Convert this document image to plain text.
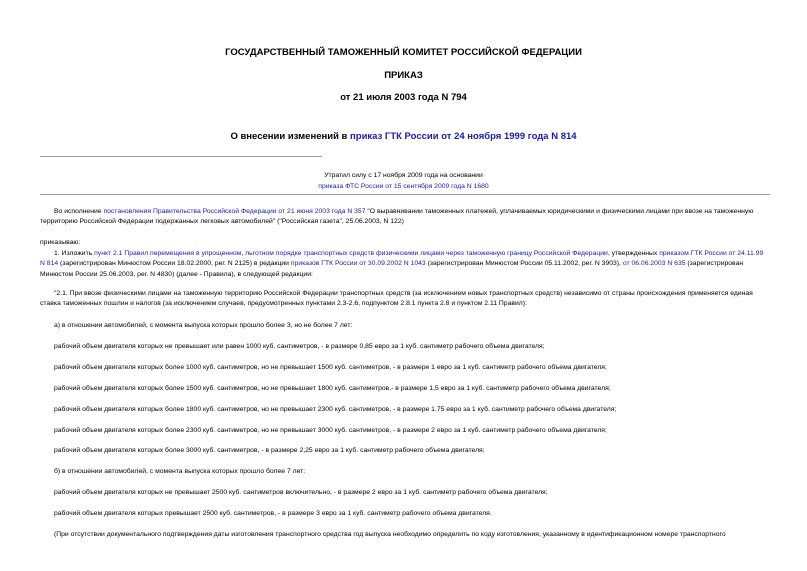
ГОСУДАРСТВЕННЫЙ ТАМОЖЕННЫЙ КОМИТЕТ РОССИЙСКОЙ ФЕДЕРАЦИИ
ПРИКАЗ
от 21 июля 2003 года N 794
О внесении изменений в приказ ГТК России от 24 ноября 1999 года N 814
Утратил силу с 17 ноября 2009 года на основании
приказа ФТС России от 15 сентября 2009 года N 1680
Во исполнение постановления Правительства Российской Федерации от 21 июня 2003 года N 357 "О выравнивании таможенных платежей, уплачиваемых юридическими и физическими лицами при ввозе на таможенную территорию Российской Федерации подержанных легковых автомобилей" ("Российская газета", 25.06.2003, N 122)
приказываю:
1. Изложить пункт 2.1 Правил перемещения в упрощенном, льготном порядке транспортных средств физическими лицами через таможенную границу Российской Федерации, утвержденных приказом ГТК России от 24.11.99 N 814 (зарегистрирован Минюстом России 18.02.2000, рег. N 2125) в редакции приказов ГТК России от 30.09.2002 N 1043 (зарегистрирован Минюстом России 05.11.2002, рег. N 3903), от 06.06.2003 N 635 (зарегистрирован Минюстом России 25.06.2003, рег. N 4830) (далее - Правила), в следующей редакции:
"2.1. При ввозе физическими лицами на таможенную территорию Российской Федерации транспортных средств (за исключением новых транспортных средств) независимо от страны происхождения применяется единая ставка таможенных пошлин и налогов (за исключением случаев, предусмотренных пунктами 2.3-2.6, подпунктом 2.8.1 пункта 2.8 и пунктом 2.11 Правил):
а) в отношении автомобилей, с момента выпуска которых прошло более 3, но не более 7 лет:
рабочий объем двигателя которых не превышает или равен 1000 куб. сантиметров, - в размере 0,85 евро за 1 куб. сантиметр рабочего объема двигателя;
рабочий объем двигателя которых более 1000 куб. сантиметров, но не превышает 1500 куб. сантиметров, - в размере 1 евро за 1 куб. сантиметр рабочего объема двигателя;
рабочий объем двигателя которых более 1500 куб. сантиметров, но не превышает 1800 куб. сантиметров,- в размере 1,5 евро за 1 куб. сантиметр рабочего объема двигателя;
рабочий объем двигателя которых более 1800 куб. сантиметров, но не превышает 2300 куб. сантиметров, - в размере 1,75 евро за 1 куб. сантиметр рабочего объема двигателя;
рабочий объем двигателя которых более 2300 куб. сантиметров, но не превышает 3000 куб. сантиметров, - в размере 2 евро за 1 куб. сантиметр рабочего объема двигателя;
рабочий объем двигателя которых более 3000 куб. сантиметров, - в размере 2,25 евро за 1 куб. сантиметр рабочего объема двигателя;
б) в отношении автомобилей, с момента выпуска которых прошло более 7 лет:
рабочий объем двигателя которых не превышает 2500 куб. сантиметров включительно, - в размере 2 евро за 1 куб. сантиметр рабочего объема двигателя;
рабочий объем двигателя которых превышает 2500 куб. сантиметров, - в размере 3 евро за 1 куб. сантиметр рабочего объема двигателя.
(При отсутствии документального подтверждения даты изготовления транспортного средства год выпуска необходимо определить по коду изготовления, указанному в идентификационном номере транспортного
